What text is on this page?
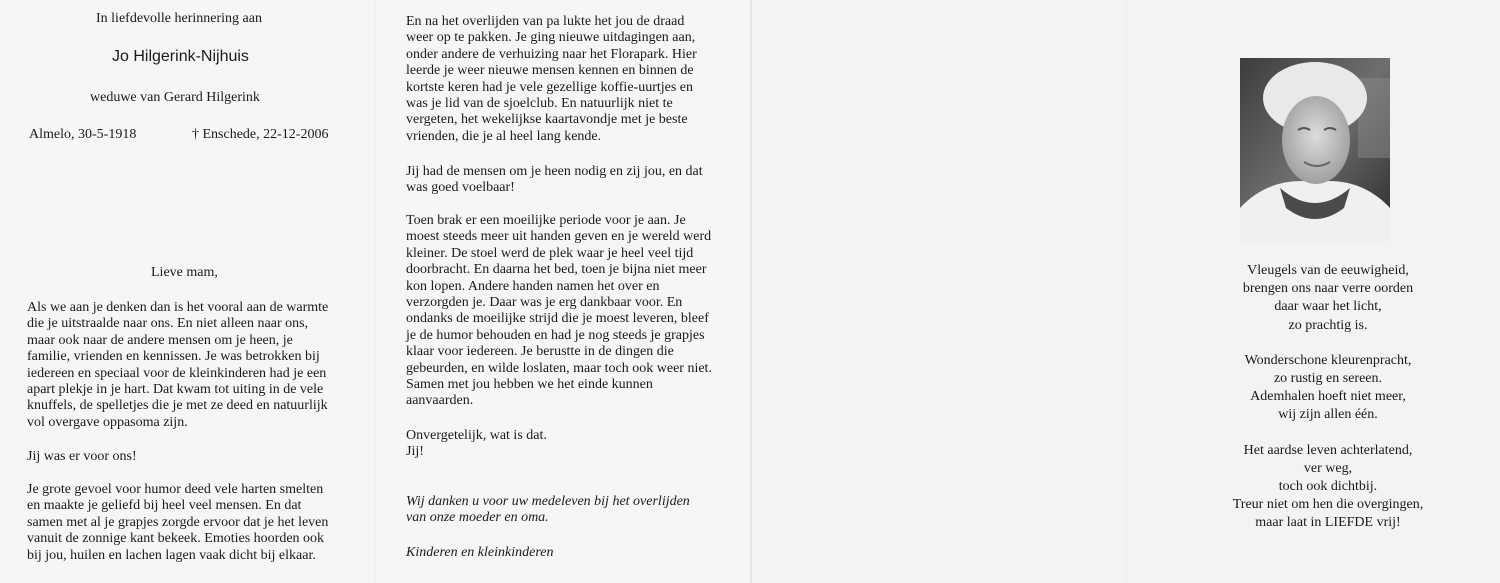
In liefdevolle herinnering aan
Jo Hilgerink-Nijhuis
weduwe van Gerard Hilgerink
Almelo, 30-5-1918	† Enschede, 22-12-2006
Lieve mam,
Als we aan je denken dan is het vooral aan de warmte
die je uitstraalde naar ons. En niet alleen naar ons,
maar ook naar de andere mensen om je heen, je
familie, vrienden en kennissen. Je was betrokken bij
iedereen en speciaal voor de kleinkinderen had je een
apart plekje in je hart. Dat kwam tot uiting in de vele
knuffels, de spelletjes die je met ze deed en natuurlijk
vol overgave oppasoma zijn.
Jij was er voor ons!
Je grote gevoel voor humor deed vele harten smelten
en maakte je geliefd bij heel veel mensen. En dat
samen met al je grapjes zorgde ervoor dat je het leven
vanuit de zonnige kant bekeek. Emoties hoorden ook
bij jou, huilen en lachen lagen vaak dicht bij elkaar.
En na het overlijden van pa lukte het jou de draad
weer op te pakken. Je ging nieuwe uitdagingen aan,
onder andere de verhuizing naar het Florapark. Hier
leerde je weer nieuwe mensen kennen en binnen de
kortste keren had je vele gezellige koffie-uurtjes en
was je lid van de sjoelclub. En natuurlijk niet te
vergeten, het wekelijkse kaartavondje met je beste
vrienden, die je al heel lang kende.
Jij had de mensen om je heen nodig en zij jou, en dat
was goed voelbaar!
Toen brak er een moeilijke periode voor je aan. Je
moest steeds meer uit handen geven en je wereld werd
kleiner. De stoel werd de plek waar je heel veel tijd
doorbracht. En daarna het bed, toen je bijna niet meer
kon lopen. Andere handen namen het over en
verzorgden je. Daar was je erg dankbaar voor. En
ondanks de moeilijke strijd die je moest leveren, bleef
je de humor behouden en had je nog steeds je grapjes
klaar voor iedereen. Je berustte in de dingen die
gebeurden, en wilde loslaten, maar toch ook weer niet.
Samen met jou hebben we het einde kunnen
aanvaarden.
Onvergetelijk, wat is dat.
Jij!
Wij danken u voor uw medeleven bij het overlijden
van onze moeder en oma.
Kinderen en kleinkinderen
Vleugels van de eeuwigheid,
brengen ons naar verre oorden
daar waar het licht,
zo prachtig is.
Wonderschone kleurenpracht,
zo rustig en sereen.
Ademhalen hoeft niet meer,
wij zijn allen één.
Het aardse leven achterlatend,
ver weg,
toch ook dichtbij.
Treur niet om hen die overgingen,
maar laat in LIEFDE vrij!
